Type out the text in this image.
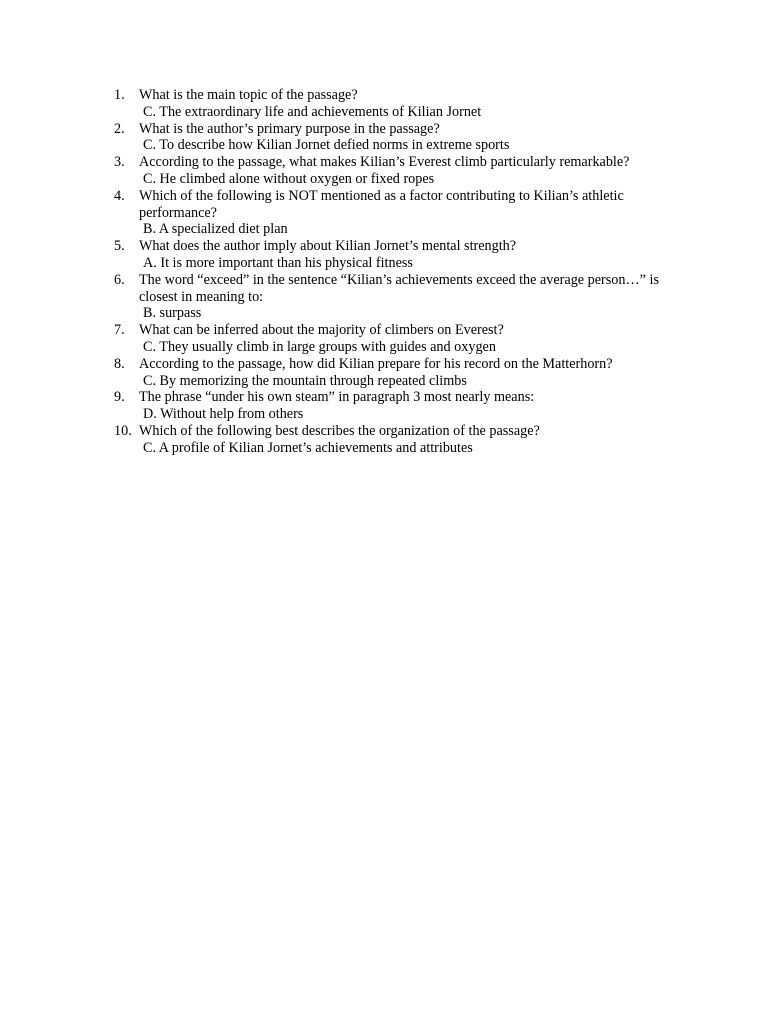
1. What is the main topic of the passage?
C. The extraordinary life and achievements of Kilian Jornet
2. What is the author’s primary purpose in the passage?
C. To describe how Kilian Jornet defied norms in extreme sports
3. According to the passage, what makes Kilian’s Everest climb particularly remarkable?
C. He climbed alone without oxygen or fixed ropes
4. Which of the following is NOT mentioned as a factor contributing to Kilian’s athletic performance?
B. A specialized diet plan
5. What does the author imply about Kilian Jornet’s mental strength?
A. It is more important than his physical fitness
6. The word “exceed” in the sentence “Kilian’s achievements exceed the average person…” is closest in meaning to:
B. surpass
7. What can be inferred about the majority of climbers on Everest?
C. They usually climb in large groups with guides and oxygen
8. According to the passage, how did Kilian prepare for his record on the Matterhorn?
C. By memorizing the mountain through repeated climbs
9. The phrase “under his own steam” in paragraph 3 most nearly means:
D. Without help from others
10. Which of the following best describes the organization of the passage?
C. A profile of Kilian Jornet’s achievements and attributes
